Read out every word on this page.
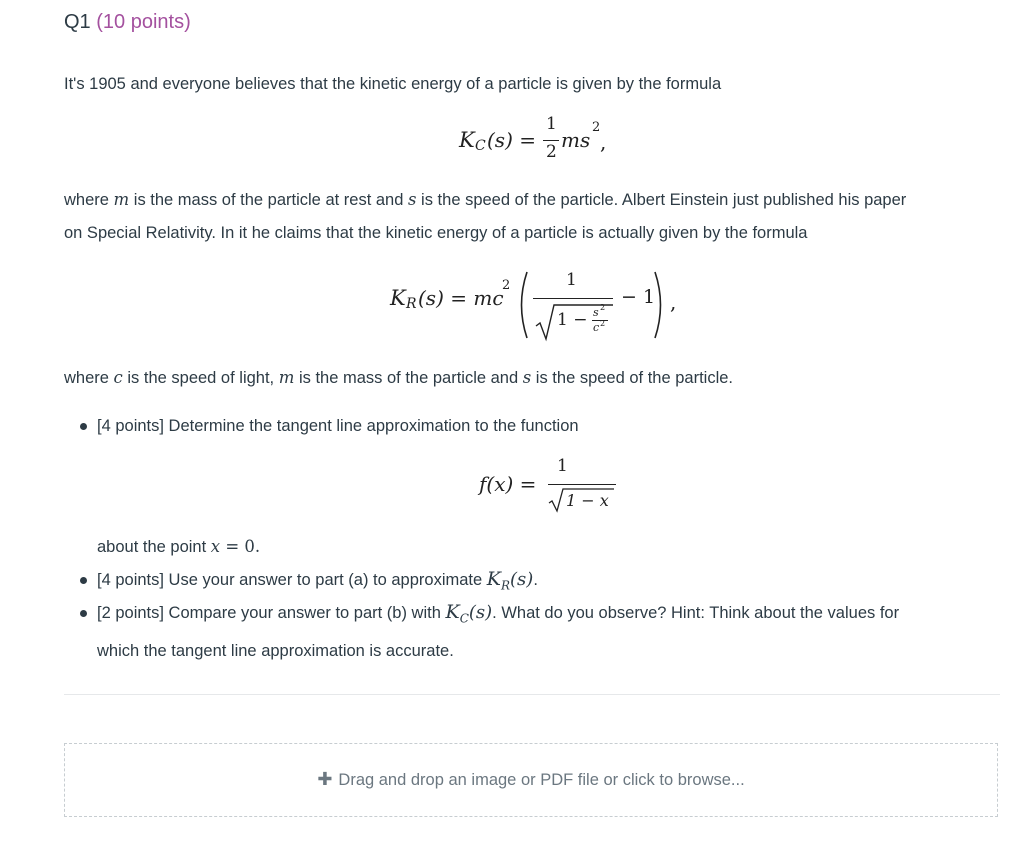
Q1 (10 points)
It's 1905 and everyone believes that the kinetic energy of a particle is given by the formula
K C (s) =
1
2 ms
2
,
where m is the mass of the particle at rest and s is the speed of the particle. Albert Einstein just published his paper
on Special Relativity. In it he claims that the kinetic energy of a particle is actually given by the formula
K R (s) = mc
2	1
1 − s 2
c 2
− 1 ,
where c is the speed of light, m is the mass of the particle and s is the speed of the particle.
[4 points] Determine the tangent line approximation to the function
f(x) =
1
1 − x
about the point x = 0.
[4 points] Use your answer to part (a) to approximate $K_R(s)$.
[2 points] Compare your answer to part (b) with $K_C(s)$. What do you observe? Hint: Think about the values for
which the tangent line approximation is accurate.
✚ Drag and drop an image or PDF file or click to browse...
